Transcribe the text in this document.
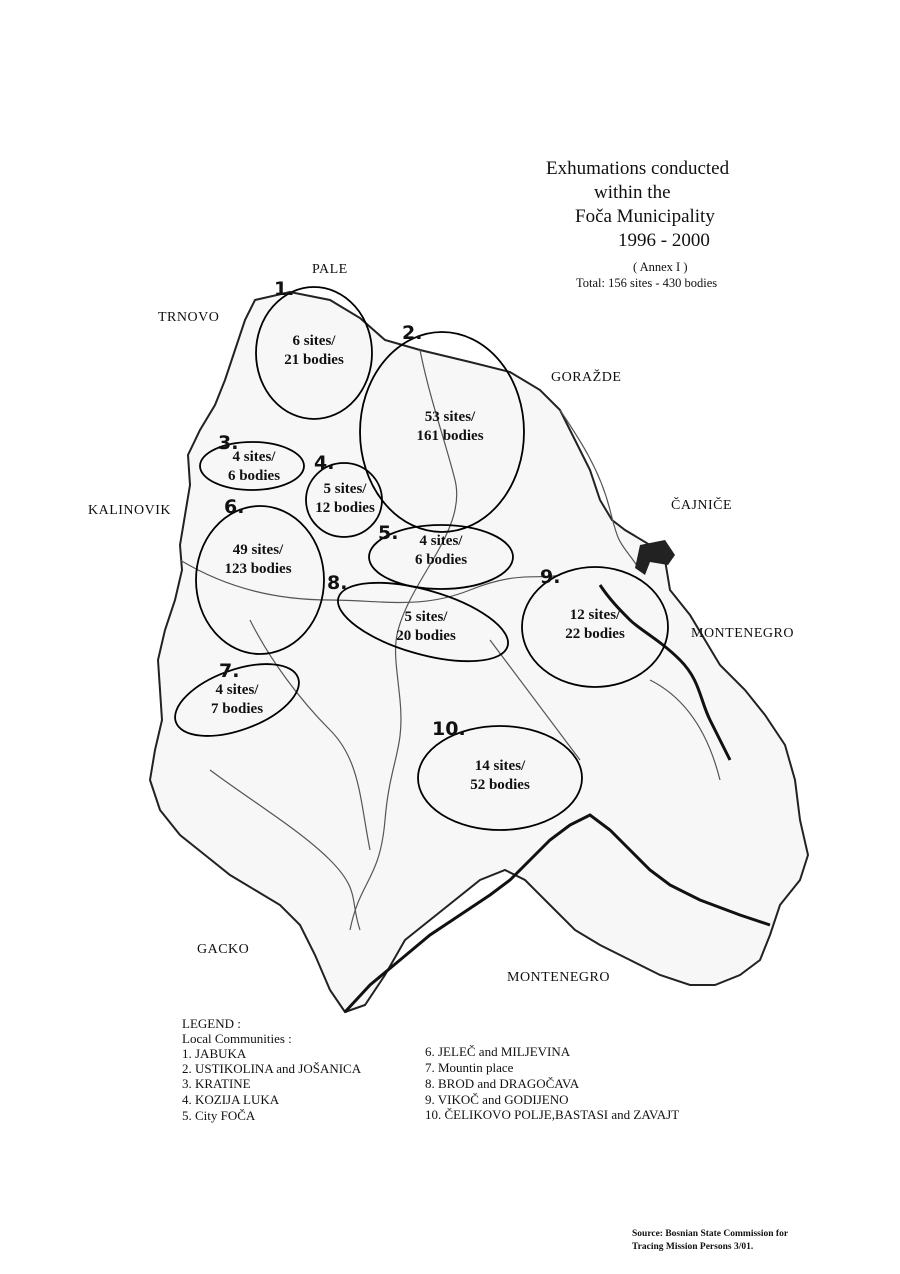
Exhumations conducted
within the
Foča Municipality
1996 - 2000
( Annex I )
Total: 156 sites - 430 bodies
PALE
TRNOVO
GORAŽDE
KALINOVIK	ČAJNIČE
MONTENEGRO
GACKO
MONTENEGRO
1.
2.
3.
4.
5.
6.
7.
8.	9.
10.
6 sites/
21 bodies
53 sites/
161 bodies
4 sites/
6 bodies
5 sites/
12 bodies
4 sites/
6 bodies
49 sites/
123 bodies
4 sites/
7 bodies
5 sites/
20 bodies
12 sites/
22 bodies
14 sites/
52 bodies
LEGEND :
Local Communities :
1. JABUKA
2. USTIKOLINA and JOŠANICA
3. KRATINE
4. KOZIJA LUKA
5. City FOČA
6. JELEČ and MILJEVINA
7. Mountin place
8. BROD and DRAGOČAVA
9. VIKOČ and GODIJENO
10. ČELIKOVO POLJE,BASTASI and ZAVAJT
Source: Bosnian State Commission for
Tracing Mission Persons 3/01.
